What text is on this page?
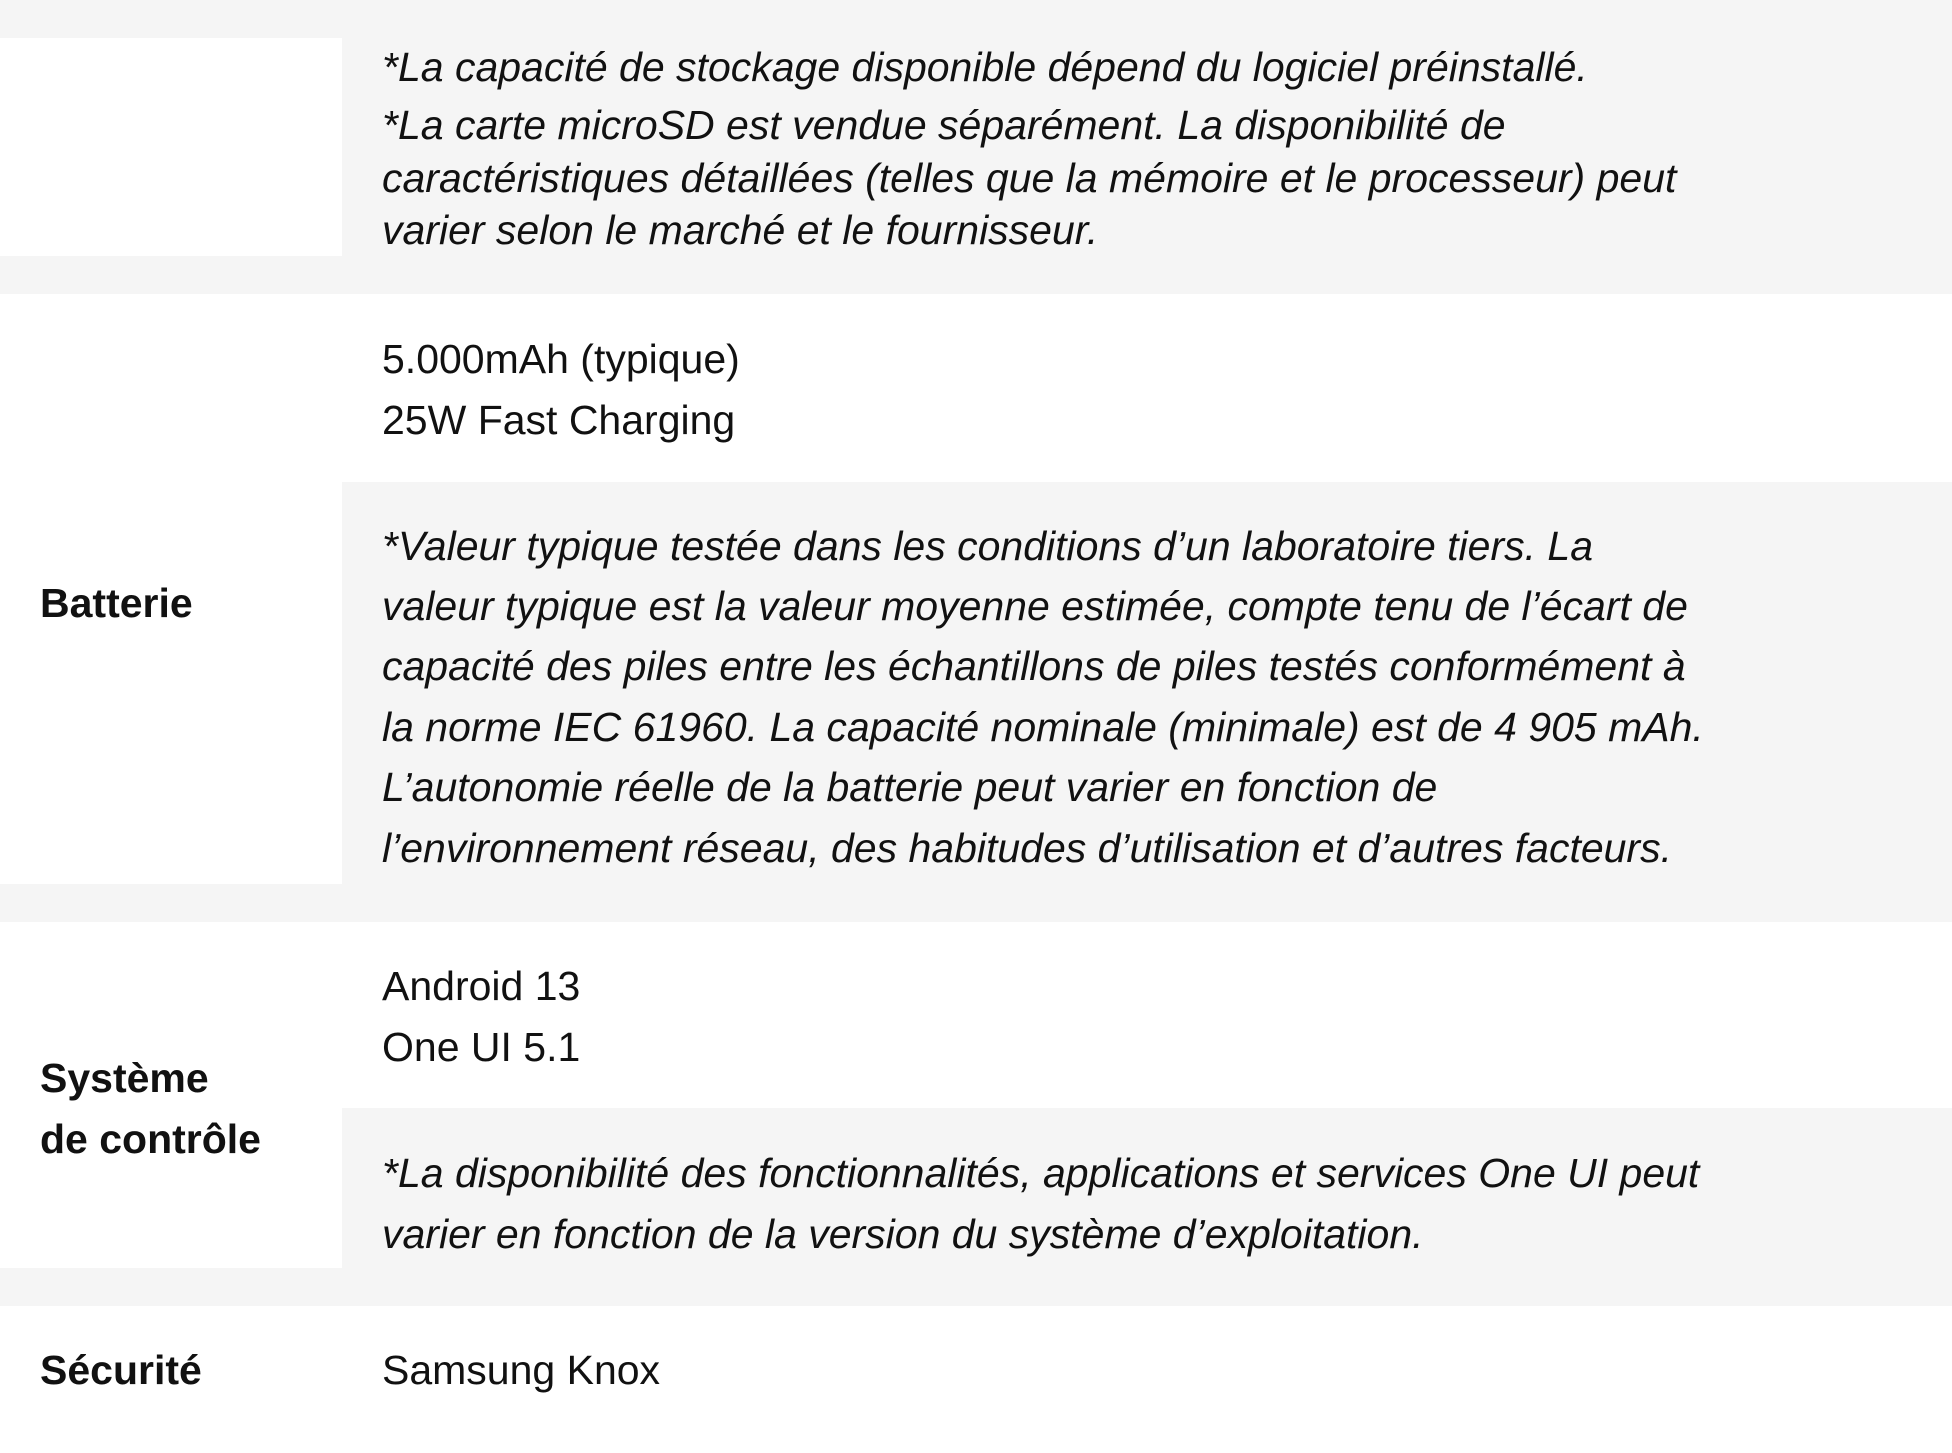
*La capacité de stockage disponible dépend du logiciel préinstallé.
*La carte microSD est vendue séparément. La disponibilité de
caractéristiques détaillées (telles que la mémoire et le processeur) peut
varier selon le marché et le fournisseur.
Batterie
5.000mAh (typique)
25W Fast Charging
*Valeur typique testée dans les conditions d’un laboratoire tiers. La
valeur typique est la valeur moyenne estimée, compte tenu de l’écart de
capacité des piles entre les échantillons de piles testés conformément à
la norme IEC 61960. La capacité nominale (minimale) est de 4 905 mAh.
L’autonomie réelle de la batterie peut varier en fonction de
l’environnement réseau, des habitudes d’utilisation et d’autres facteurs.
Système
de contrôle
Android 13
One UI 5.1
*La disponibilité des fonctionnalités, applications et services One UI peut
varier en fonction de la version du système d’exploitation.
Sécurité	Samsung Knox
